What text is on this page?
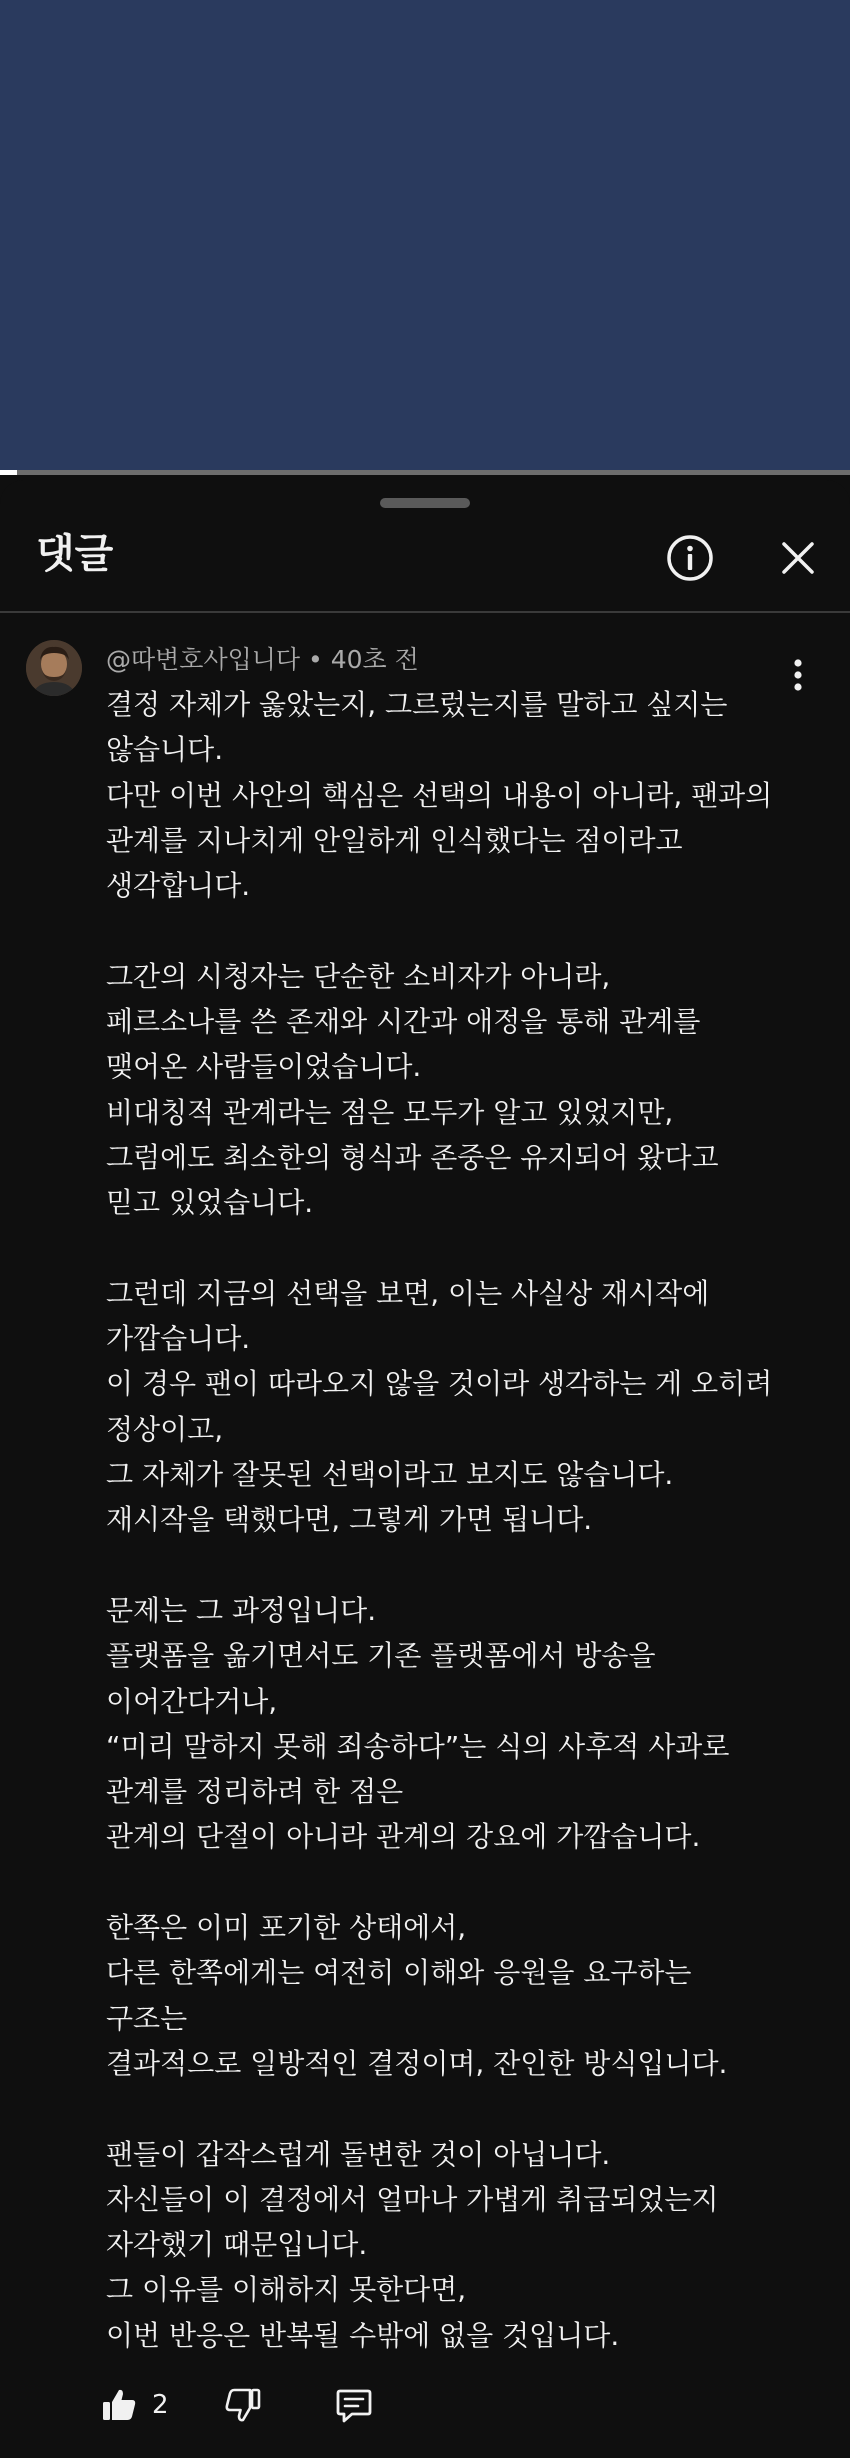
댓글
@따변호사입니다 • 40초 전
결정 자체가 옳았는지, 그르렀는지를 말하고 싶지는
않습니다.
다만 이번 사안의 핵심은 선택의 내용이 아니라, 팬과의
관계를 지나치게 안일하게 인식했다는 점이라고
생각합니다.
그간의 시청자는 단순한 소비자가 아니라,
페르소나를 쓴 존재와 시간과 애정을 통해 관계를
맺어온 사람들이었습니다.
비대칭적 관계라는 점은 모두가 알고 있었지만,
그럼에도 최소한의 형식과 존중은 유지되어 왔다고
믿고 있었습니다.
그런데 지금의 선택을 보면, 이는 사실상 재시작에
가깝습니다.
이 경우 팬이 따라오지 않을 것이라 생각하는 게 오히려
정상이고,
그 자체가 잘못된 선택이라고 보지도 않습니다.
재시작을 택했다면, 그렇게 가면 됩니다.
문제는 그 과정입니다.
플랫폼을 옮기면서도 기존 플랫폼에서 방송을
이어간다거나,
“미리 말하지 못해 죄송하다”는 식의 사후적 사과로
관계를 정리하려 한 점은
관계의 단절이 아니라 관계의 강요에 가깝습니다.
한쪽은 이미 포기한 상태에서,
다른 한쪽에게는 여전히 이해와 응원을 요구하는
구조는
결과적으로 일방적인 결정이며, 잔인한 방식입니다.
팬들이 갑작스럽게 돌변한 것이 아닙니다.
자신들이 이 결정에서 얼마나 가볍게 취급되었는지
자각했기 때문입니다.
그 이유를 이해하지 못한다면,
이번 반응은 반복될 수밖에 없을 것입니다.
2
